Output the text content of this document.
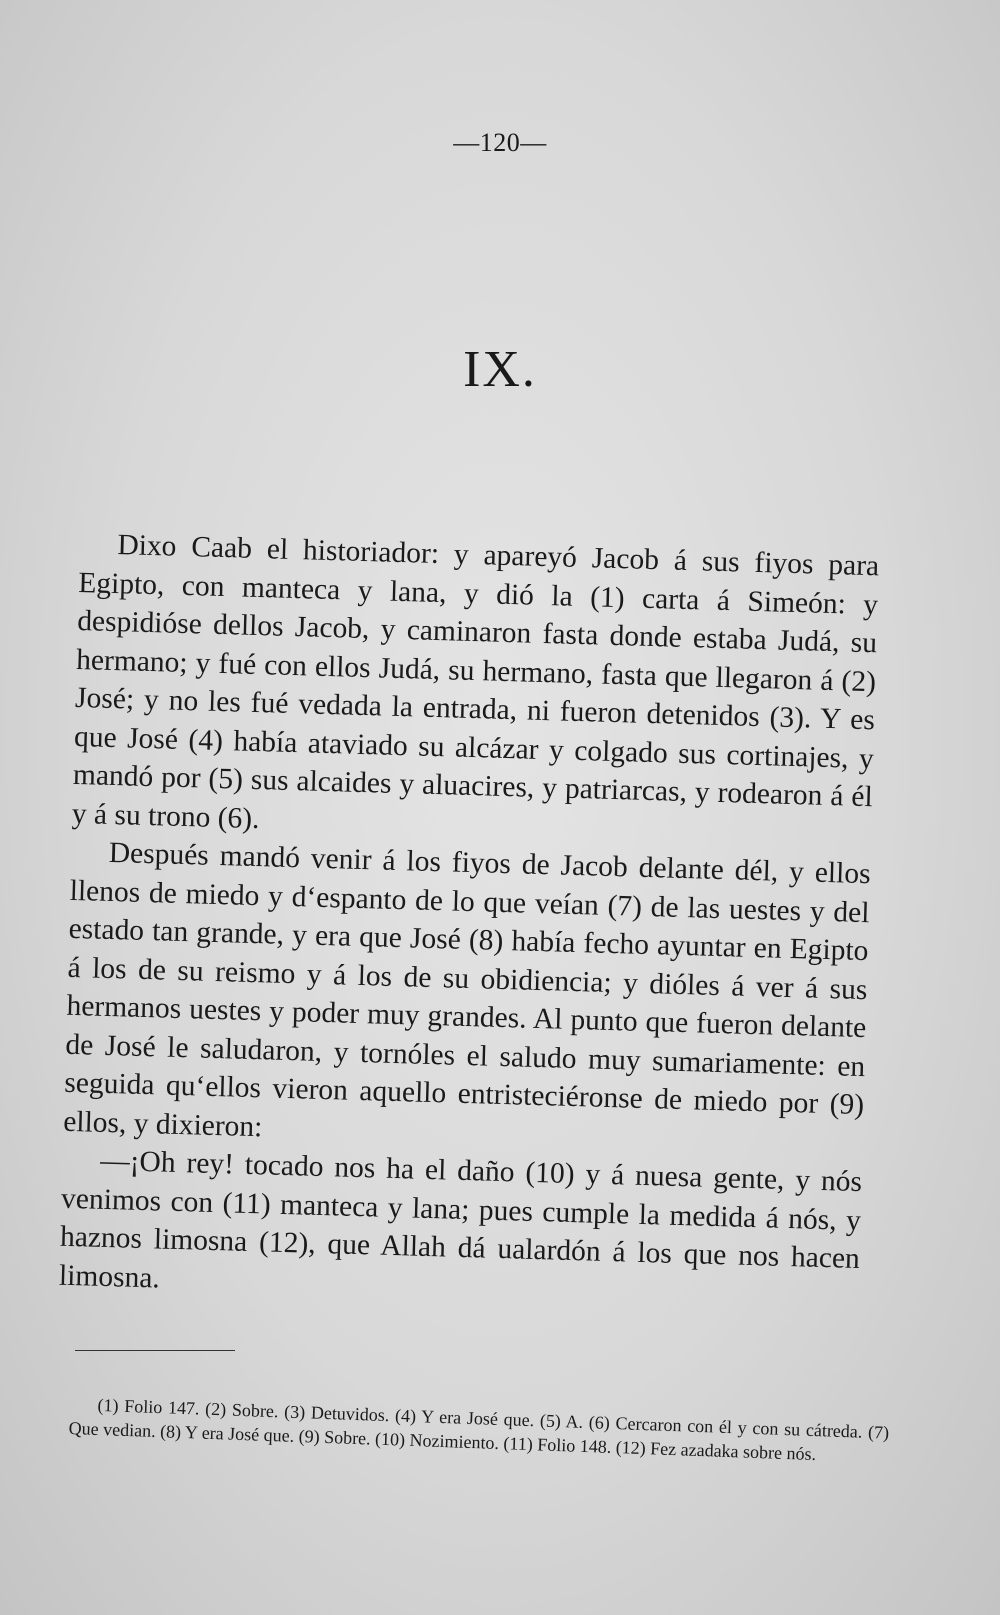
—120—
IX.

Dixo Caab el historiador: y apareyó Jacob á sus fiyos para Egipto, con manteca y lana, y dió la (1) carta á Simeón: y despidióse dellos Jacob, y caminaron fasta donde estaba Judá, su hermano; y fué con ellos Judá, su hermano, fasta que llegaron á (2) José; y no les fué vedada la entrada, ni fueron detenidos (3). Y es que José (4) había ataviado su alcázar y colgado sus cortinajes, y mandó por (5) sus alcaides y aluacires, y patriarcas, y rodearon á él y á su trono (6).

Después mandó venir á los fiyos de Jacob delante dél, y ellos llenos de miedo y d‘espanto de lo que veían (7) de las uestes y del estado tan grande, y era que José (8) había fecho ayuntar en Egipto á los de su reismo y á los de su obidiencia; y dióles á ver á sus hermanos uestes y poder muy grandes. Al punto que fueron delante de José le saludaron, y tornóles el saludo muy sumariamente: en seguida qu‘ellos vieron aquello entristeciéronse de miedo por (9) ellos, y dixieron:

—¡Oh rey! tocado nos ha el daño (10) y á nuesa gente, y nós venimos con (11) manteca y lana; pues cumple la medida á nós, y haznos limosna (12), que Allah dá ualardón á los que nos hacen limosna.

(1) Folio 147. (2) Sobre. (3) Detuvidos. (4) Y era José que. (5) A. (6) Cercaron con él y con su cátreda. (7) Que vedian. (8) Y era José que. (9) Sobre. (10) Nozimiento. (11) Folio 148. (12) Fez azadaka sobre nós.
